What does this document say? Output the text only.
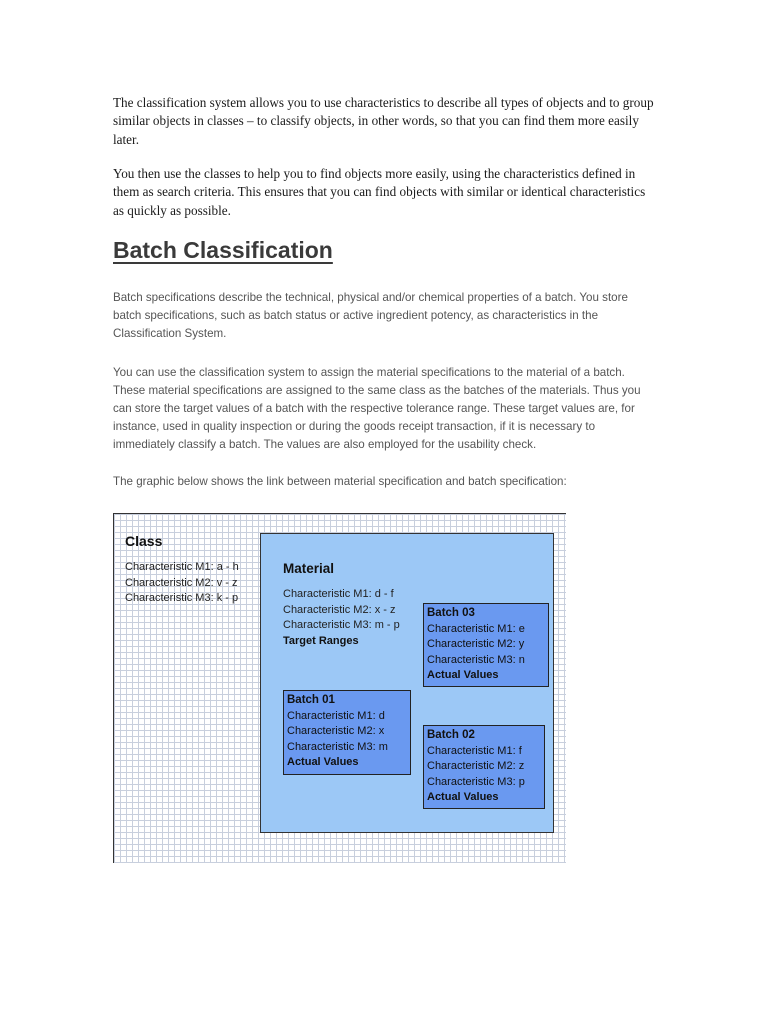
The classification system allows you to use characteristics to describe all types of objects and to group similar objects in classes – to classify objects, in other words, so that you can find them more easily later.

You then use the classes to help you to find objects more easily, using the characteristics defined in them as search criteria. This ensures that you can find objects with similar or identical characteristics as quickly as possible.

Batch Classification

Batch specifications describe the technical, physical and/or chemical properties of a batch. You store batch specifications, such as batch status or active ingredient potency, as characteristics in the Classification System.

You can use the classification system to assign the material specifications to the material of a batch. These material specifications are assigned to the same class as the batches of the materials. Thus you can store the target values of a batch with the respective tolerance range. These target values are, for instance, used in quality inspection or during the goods receipt transaction, if it is necessary to immediately classify a batch. The values are also employed for the usability check.

The graphic below shows the link between material specification and batch specification:

Class
Characteristic M1: a - h
Characteristic M2: v - z
Characteristic M3: k - p
Material
Characteristic M1: d - f
Characteristic M2: x - z
Characteristic M3: m - p
Target Ranges
Batch 03
Characteristic M1: e
Characteristic M2: y
Characteristic M3: n
Actual Values
Batch 01
Characteristic M1: d
Characteristic M2: x
Characteristic M3: m
Actual Values
Batch 02
Characteristic M1: f
Characteristic M2: z
Characteristic M3: p
Actual Values
